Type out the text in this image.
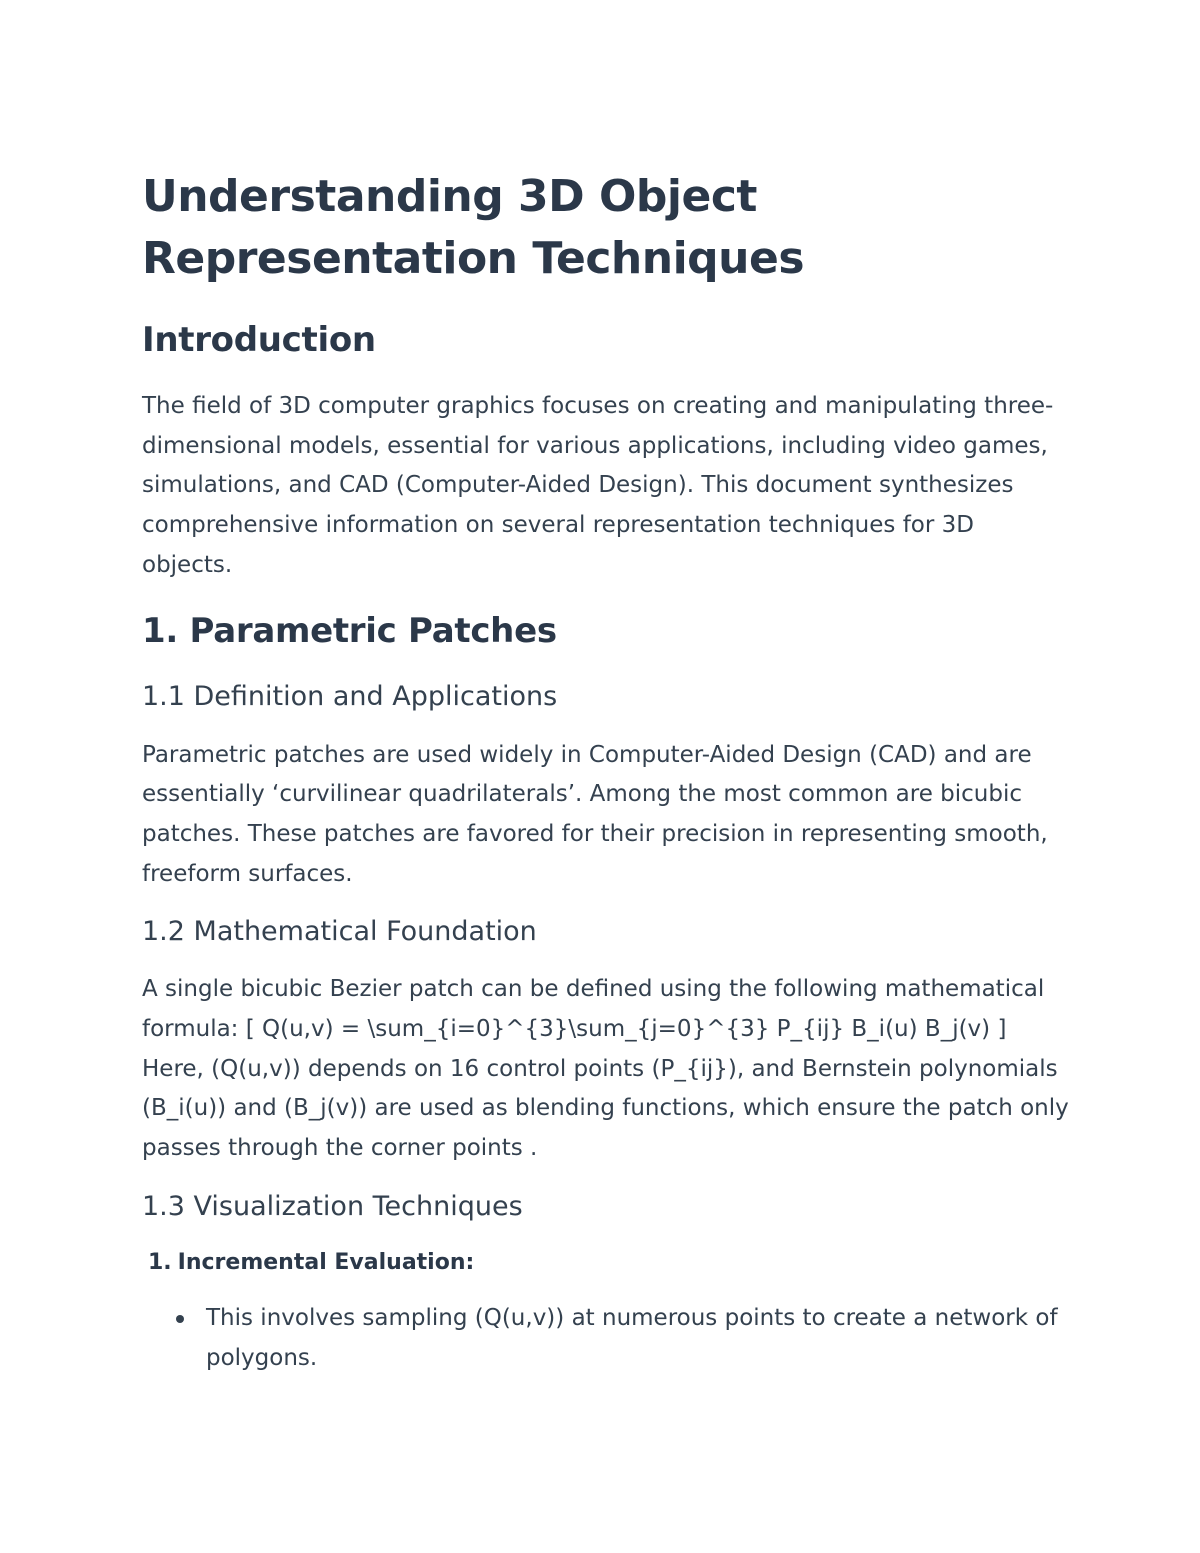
Understanding 3D Object Representation Techniques
Introduction

The field of 3D computer graphics focuses on creating and manipulating three-dimensional models, essential for various applications, including video games, simulations, and CAD (Computer-Aided Design). This document synthesizes comprehensive information on several representation techniques for 3D objects.

1. Parametric Patches
1.1 Definition and Applications

Parametric patches are used widely in Computer-Aided Design (CAD) and are essentially ‘curvilinear quadrilaterals’. Among the most common are bicubic patches. These patches are favored for their precision in representing smooth, freeform surfaces.

1.2 Mathematical Foundation

A single bicubic Bezier patch can be defined using the following mathematical formula: [ Q(u,v) = \sum_{i=0}^{3}\sum_{j=0}^{3} P_{ij} B_i(u) B_j(v) ] Here, (Q(u,v)) depends on 16 control points (P_{ij}), and Bernstein polynomials (B_i(u)) and (B_j(v)) are used as blending functions, which ensure the patch only passes through the corner points .

1.3 Visualization Techniques
1. Incremental Evaluation:
This involves sampling (Q(u,v)) at numerous points to create a network of polygons.
